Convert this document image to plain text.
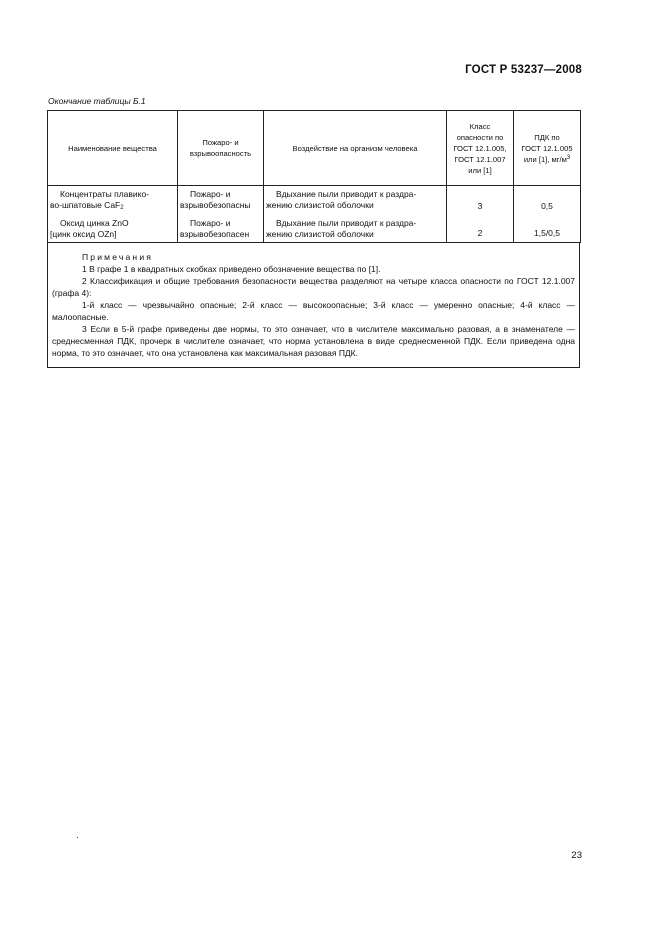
ГОСТ Р 53237—2008
Окончание таблицы Б.1
Наименование вещества	Пожаро- и взрывоопасность	Воздействие на организм человека	Класс
опасности по
ГОСТ 12.1.005,
ГОСТ 12.1.007
или [1]	ПДК по
ГОСТ 12.1.005
или [1], $мг/м^3$
Концентраты плавико-
во-шпатовые CaF$_2$	Пожаро- и
взрывобезопасны	Вдыхание пыли приводит к раздра-
жению слизистой оболочки	3	0,5
Оксид цинка ZnO
[цинк оксид OZn]	Пожаро- и
взрывобезопасен	Вдыхание пыли приводит к раздра-
жению слизистой оболочки	2	1,5/0,5

Примечания

1 В графе 1 в квадратных скобках приведено обозначение вещества по [1].

2 Классификация и общие требования безопасности вещества разделяют на четыре класса опасности по ГОСТ 12.1.007 (графа 4):

1-й класс — чрезвычайно опасные; 2-й класс — высокоопасные; 3-й класс — умеренно опасные; 4-й класс — малоопасные.

3 Если в 5-й графе приведены две нормы, то это означает, что в числителе максимально разовая, а в знаменателе — среднесменная ПДК, прочерк в числителе означает, что норма установлена в виде среднесменной ПДК. Если приведена одна норма, то это означает, что она установлена как максимальная разовая ПДК.

23
